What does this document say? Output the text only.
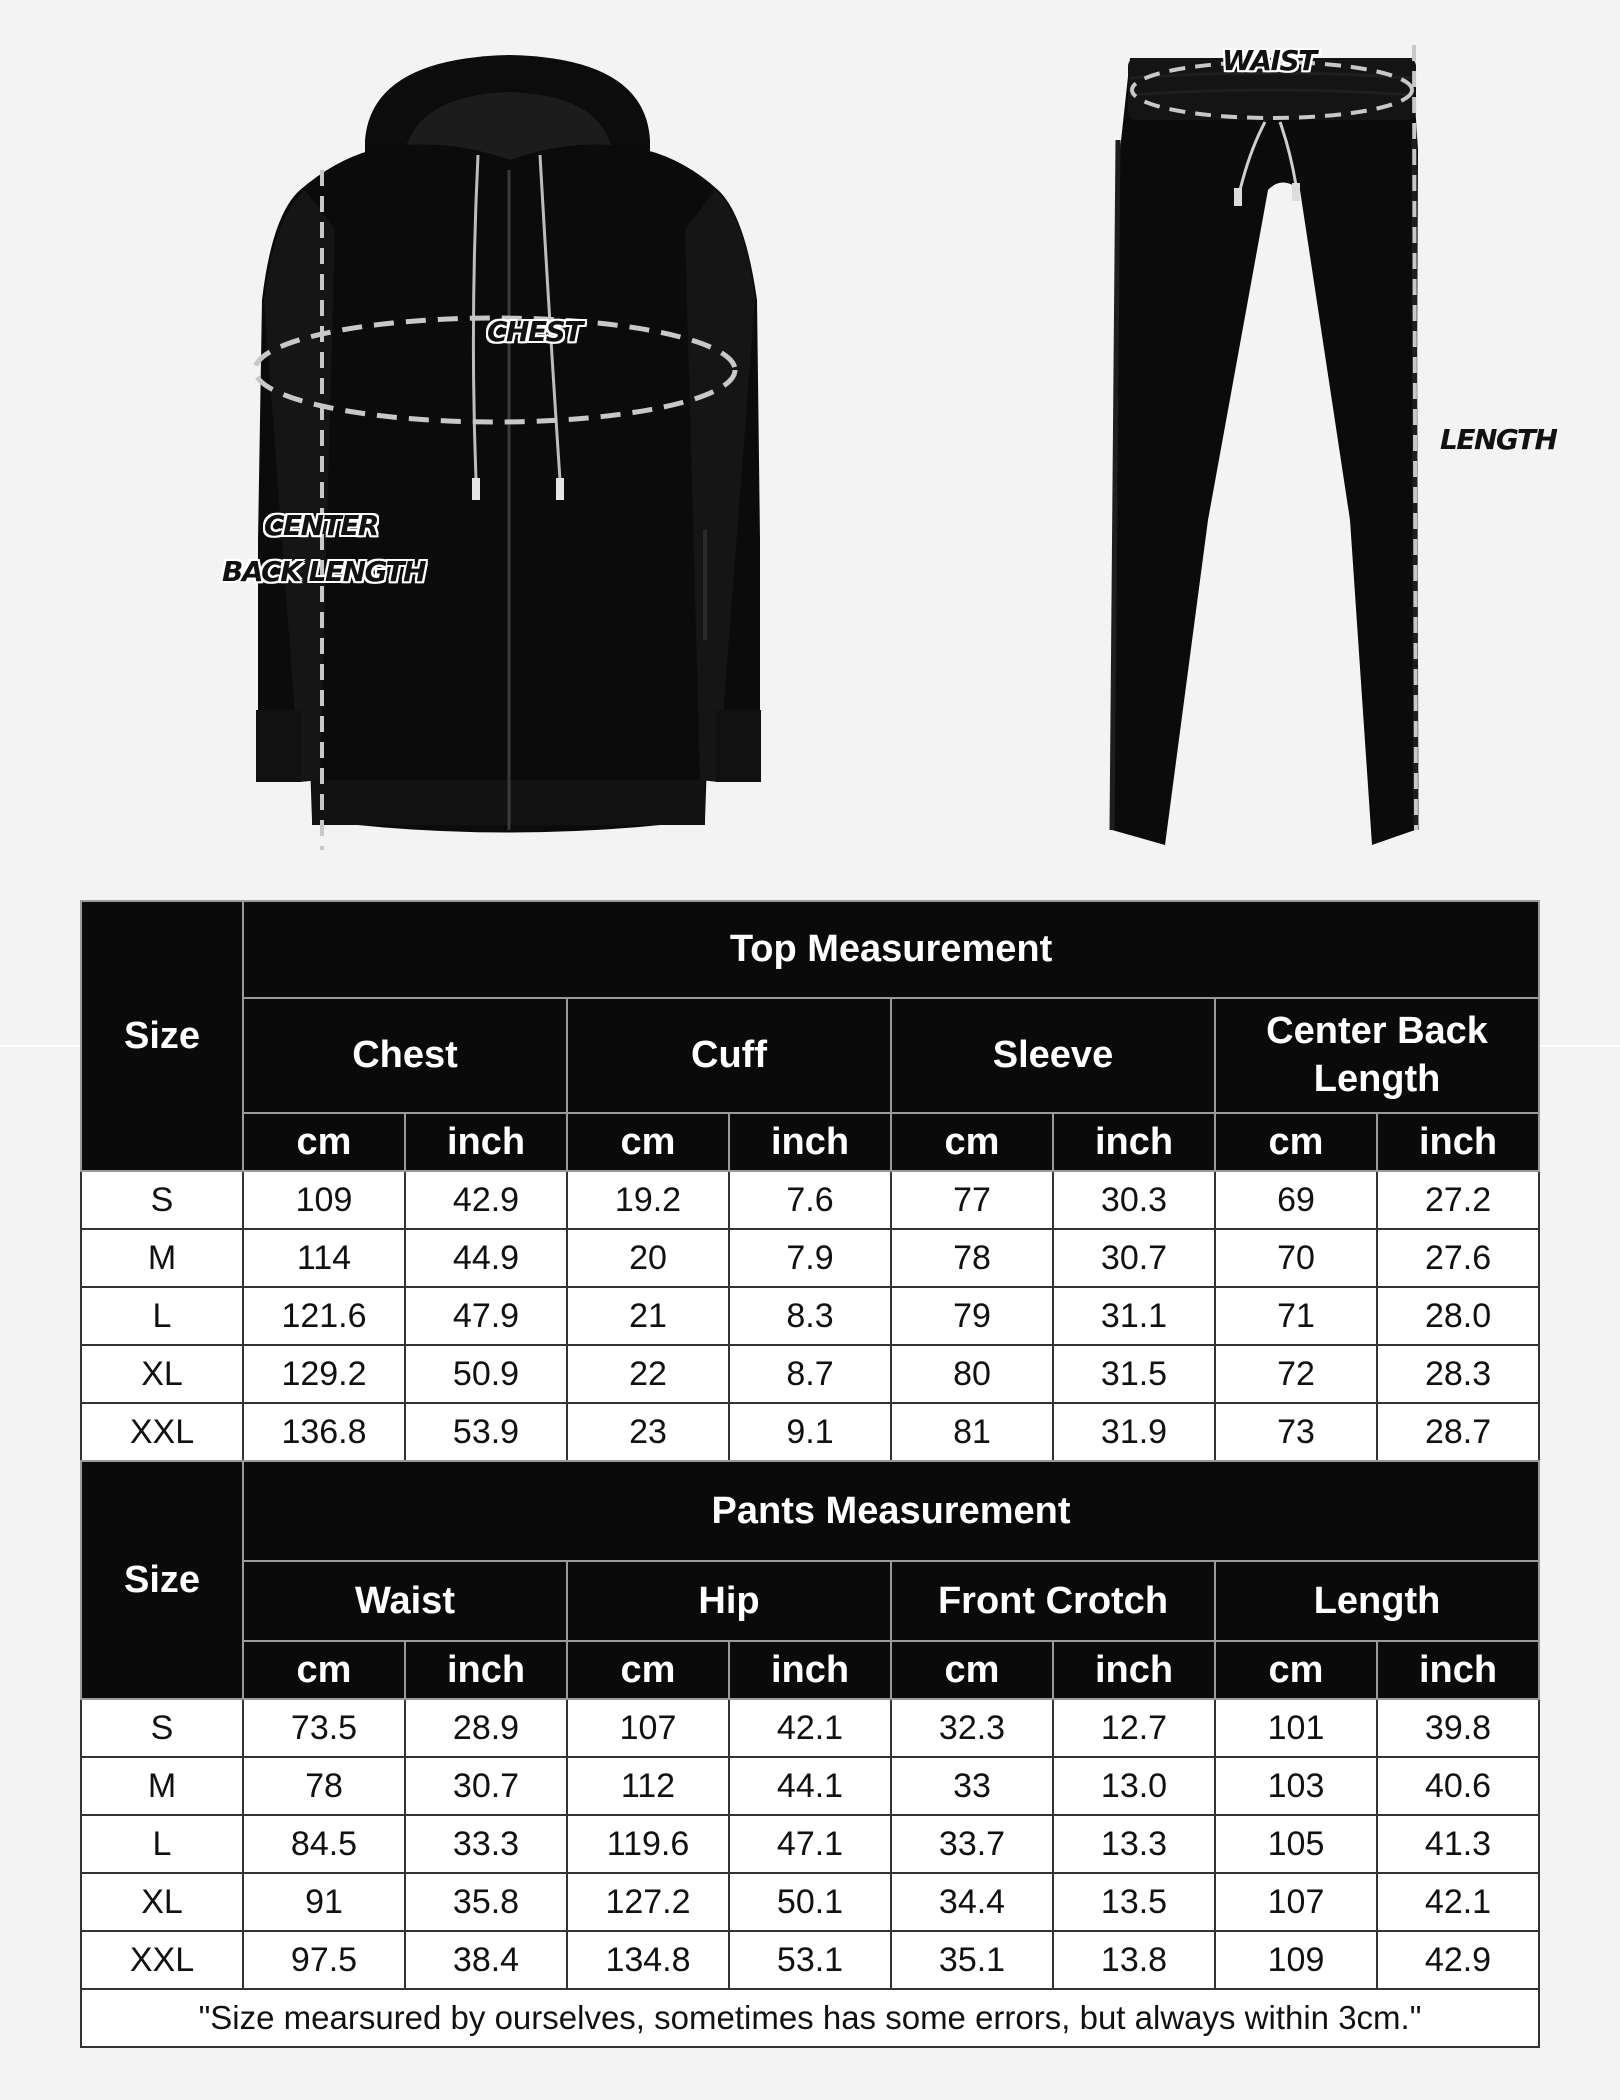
CHEST
CENTER
BACK LENGTH
WAIST
LENGTH
Size	Top Measurement							
	Chest		Cuff		Sleeve		Center Back Length	
	cm	inch	cm	inch	cm	inch	cm	inch
S	109	42.9	19.2	7.6	77	30.3	69	27.2
M	114	44.9	20	7.9	78	30.7	70	27.6
L	121.6	47.9	21	8.3	79	31.1	71	28.0
XL	129.2	50.9	22	8.7	80	31.5	72	28.3
XXL	136.8	53.9	23	9.1	81	31.9	73	28.7
Size	Pants Measurement							
	Waist		Hip		Front Crotch		Length	
	cm	inch	cm	inch	cm	inch	cm	inch
S	73.5	28.9	107	42.1	32.3	12.7	101	39.8
M	78	30.7	112	44.1	33	13.0	103	40.6
L	84.5	33.3	119.6	47.1	33.7	13.3	105	41.3
XL	91	35.8	127.2	50.1	34.4	13.5	107	42.1
XXL	97.5	38.4	134.8	53.1	35.1	13.8	109	42.9
"Size mearsured by ourselves, sometimes has some errors, but always within 3cm."								
